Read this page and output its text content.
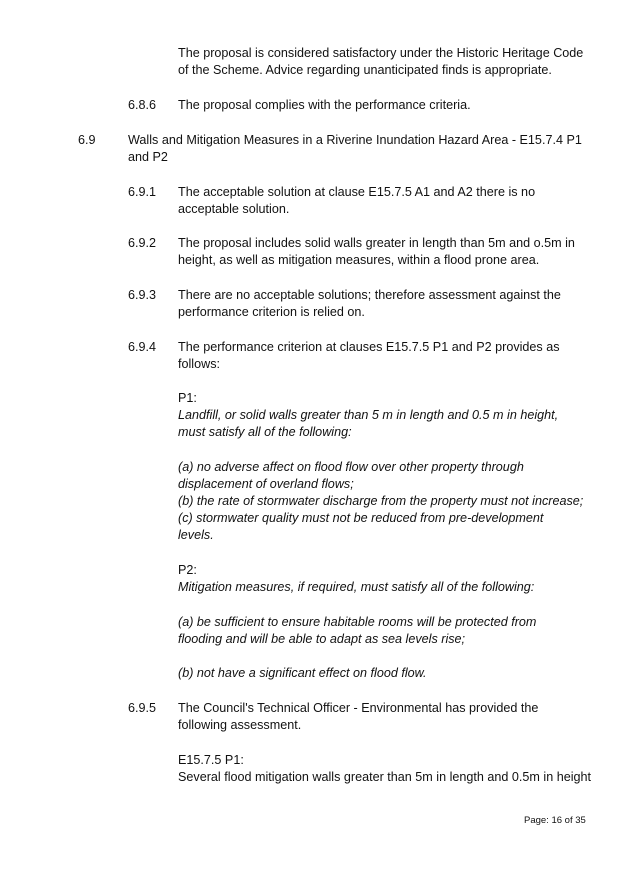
The proposal is considered satisfactory under the Historic Heritage Code of the Scheme. Advice regarding unanticipated finds is appropriate.

6.8.6 The proposal complies with the performance criteria.

6.9	Walls and Mitigation Measures in a Riverine Inundation Hazard Area - E15.7.4 P1 and P2

6.9.1 The acceptable solution at clause E15.7.5 A1 and A2 there is no acceptable solution.

6.9.2 The proposal includes solid walls greater in length than 5m and o.5m in height, as well as mitigation measures, within a flood prone area.

6.9.3 There are no acceptable solutions; therefore assessment against the performance criterion is relied on.

6.9.4 The performance criterion at clauses E15.7.5 P1 and P2 provides as follows:

P1:

Landfill, or solid walls greater than 5 m in length and 0.5 m in height, must satisfy all of the following:

(a) no adverse affect on flood flow over other property through displacement of overland flows;

(b) the rate of stormwater discharge from the property must not increase;

(c) stormwater quality must not be reduced from pre-development levels.

P2:

Mitigation measures, if required, must satisfy all of the following:

(a) be sufficient to ensure habitable rooms will be protected from flooding and will be able to adapt as sea levels rise;

(b) not have a significant effect on flood flow.

6.9.5 The Council's Technical Officer - Environmental has provided the following assessment.

E15.7.5 P1:

Several flood mitigation walls greater than 5m in length and 0.5m in height

Page: 16 of 35
